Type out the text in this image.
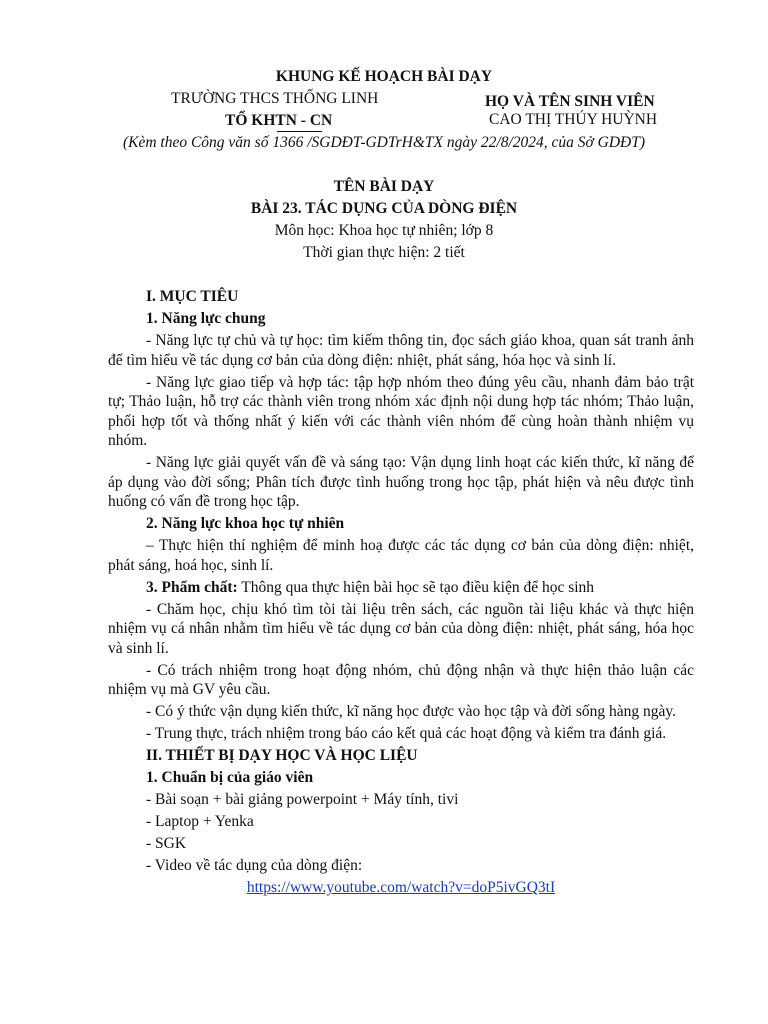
KHUNG KẾ HOẠCH BÀI DẠY
TRƯỜNG THCS THỐNG LINH	HỌ VÀ TÊN SINH VIÊN
TỔ KHTN - CN	CAO THỊ THÚY HUỲNH
(Kèm theo Công văn số 1366 /SGDĐT-GDTrH&TX ngày 22/8/2024, của Sở GDĐT)
TÊN BÀI DẠY
BÀI 23. TÁC DỤNG CỦA DÒNG ĐIỆN
Môn học: Khoa học tự nhiên; lớp 8
Thời gian thực hiện: 2 tiết

I. MỤC TIÊU

1. Năng lực chung

- Năng lực tự chủ và tự học: tìm kiếm thông tin, đọc sách giáo khoa, quan sát tranh ảnh để tìm hiểu về tác dụng cơ bản của dòng điện: nhiệt, phát sáng, hóa học và sinh lí.

- Năng lực giao tiếp và hợp tác: tập hợp nhóm theo đúng yêu cầu, nhanh đảm bảo trật tự; Thảo luận, hỗ trợ các thành viên trong nhóm xác định nội dung hợp tác nhóm; Thảo luận, phối hợp tốt và thống nhất ý kiến với các thành viên nhóm để cùng hoàn thành nhiệm vụ nhóm.

- Năng lực giải quyết vấn đề và sáng tạo: Vận dụng linh hoạt các kiến thức, kĩ năng để áp dụng vào đời sống; Phân tích được tình huống trong học tập, phát hiện và nêu được tình huống có vấn đề trong học tập.

2. Năng lực khoa học tự nhiên

– Thực hiện thí nghiệm để minh hoạ được các tác dụng cơ bản của dòng điện: nhiệt, phát sáng, hoá học, sinh lí.

3. Phẩm chất: Thông qua thực hiện bài học sẽ tạo điều kiện để học sinh

- Chăm học, chịu khó tìm tòi tài liệu trên sách, các nguồn tài liệu khác và thực hiện nhiệm vụ cá nhân nhằm tìm hiểu về tác dụng cơ bản của dòng điện: nhiệt, phát sáng, hóa học và sinh lí.

- Có trách nhiệm trong hoạt động nhóm, chủ động nhận và thực hiện thảo luận các nhiệm vụ mà GV yêu cầu.

- Có ý thức vận dụng kiến thức, kĩ năng học được vào học tập và đời sống hàng ngày.

- Trung thực, trách nhiệm trong báo cáo kết quả các hoạt động và kiểm tra đánh giá.

II. THIẾT BỊ DẠY HỌC VÀ HỌC LIỆU

1. Chuẩn bị của giáo viên

- Bài soạn + bài giảng powerpoint + Máy tính, tivi

- Laptop + Yenka

- SGK

- Video về tác dụng của dòng điện:

https://www.youtube.com/watch?v=doP5ivGQ3tI
